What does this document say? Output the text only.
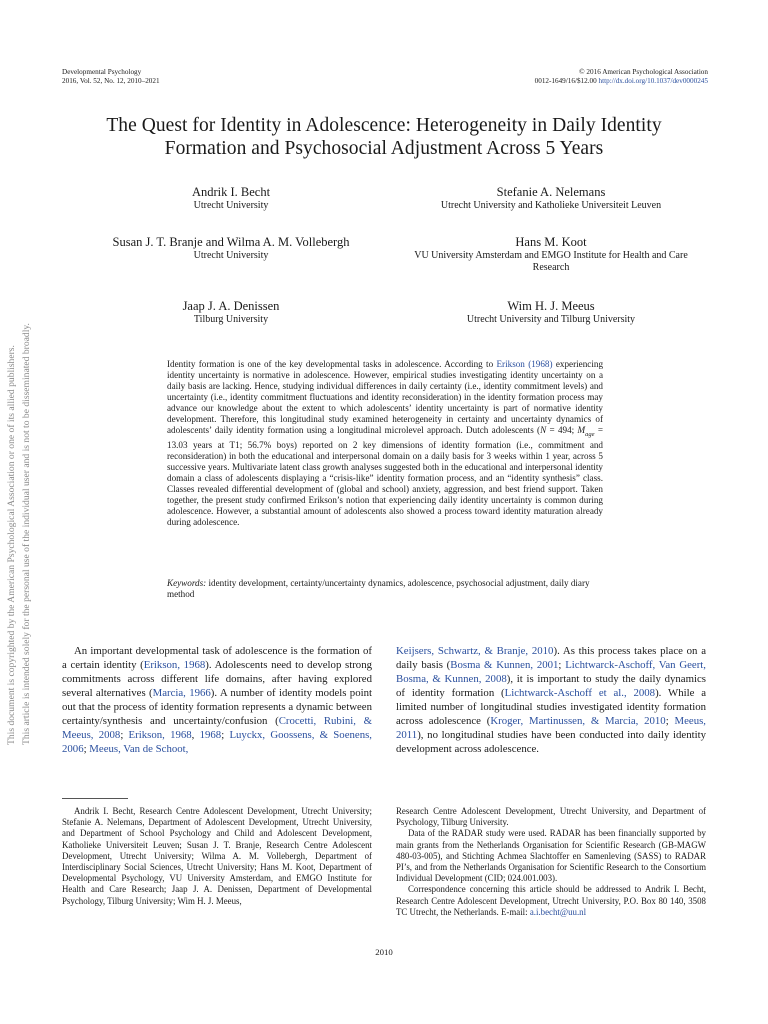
Developmental Psychology
2016, Vol. 52, No. 12, 2010–2021
© 2016 American Psychological Association
0012-1649/16/$12.00 http://dx.doi.org/10.1037/dev0000245
This document is copyrighted by the American Psychological Association or one of its allied publishers. This article is intended solely for the personal use of the individual user and is not to be disseminated broadly.
The Quest for Identity in Adolescence: Heterogeneity in Daily Identity Formation and Psychosocial Adjustment Across 5 Years
Andrik I. Becht
Utrecht University
Stefanie A. Nelemans
Utrecht University and Katholieke Universiteit Leuven
Susan J. T. Branje and Wilma A. M. Vollebergh
Utrecht University
Hans M. Koot
VU University Amsterdam and EMGO Institute for Health and Care Research
Jaap J. A. Denissen
Tilburg University
Wim H. J. Meeus
Utrecht University and Tilburg University
Identity formation is one of the key developmental tasks in adolescence. According to Erikson (1968) experiencing identity uncertainty is normative in adolescence. However, empirical studies investigating identity uncertainty on a daily basis are lacking. Hence, studying individual differences in daily certainty (i.e., identity commitment levels) and uncertainty (i.e., identity commitment fluctuations and identity reconsideration) in the identity formation process may advance our knowledge about the extent to which adolescents’ identity uncertainty is part of normative identity development. Therefore, this longitudinal study examined heterogeneity in certainty and uncertainty dynamics of adolescents’ daily identity formation using a longitudinal microlevel approach. Dutch adolescents (N = 494; $M_{age} = 13.03$ years at T1; 56.7% boys) reported on 2 key dimensions of identity formation (i.e., commitment and reconsideration) in both the educational and interpersonal domain on a daily basis for 3 weeks within 1 year, across 5 successive years. Multivariate latent class growth analyses suggested both in the educational and interpersonal identity domain a class of adolescents displaying a “crisis-like” identity formation process, and an “identity synthesis” class. Classes revealed differential development of (global and school) anxiety, aggression, and best friend support. Taken together, the present study confirmed Erikson’s notion that experiencing daily identity uncertainty is common during adolescence. However, a substantial amount of adolescents also showed a process toward identity maturation already during adolescence.
Keywords: identity development, certainty/uncertainty dynamics, adolescence, psychosocial adjustment, daily diary method
An important developmental task of adolescence is the formation of a certain identity (Erikson, 1968). Adolescents need to develop strong commitments across different life domains, after having explored several alternatives (Marcia, 1966). A number of identity models point out that the process of identity formation represents a dynamic between certainty/synthesis and uncertainty/confusion (Crocetti, Rubini, & Meeus, 2008; Erikson, 1968, 1968; Luyckx, Goossens, & Soenens, 2006; Meeus, Van de Schoot,
Keijsers, Schwartz, & Branje, 2010). As this process takes place on a daily basis (Bosma & Kunnen, 2001; Lichtwarck-Aschoff, Van Geert, Bosma, & Kunnen, 2008), it is important to study the daily dynamics of identity formation (Lichtwarck-Aschoff et al., 2008). While a limited number of longitudinal studies investigated identity formation across adolescence (Kroger, Martinussen, & Marcia, 2010; Meeus, 2011), no longitudinal studies have been conducted into daily identity development across adolescence.

Andrik I. Becht, Research Centre Adolescent Development, Utrecht University; Stefanie A. Nelemans, Department of Adolescent Development, Utrecht University, and Department of School Psychology and Child and Adolescent Development, Katholieke Universiteit Leuven; Susan J. T. Branje, Research Centre Adolescent Development, Utrecht University; Wilma A. M. Vollebergh, Department of Interdisciplinary Social Sciences, Utrecht University; Hans M. Koot, Department of Developmental Psychology, VU University Amsterdam, and EMGO Institute for Health and Care Research; Jaap J. A. Denissen, Department of Developmental Psychology, Tilburg University; Wim H. J. Meeus,

Research Centre Adolescent Development, Utrecht University, and Department of Psychology, Tilburg University.

Data of the RADAR study were used. RADAR has been financially supported by main grants from the Netherlands Organisation for Scientific Research (GB-MAGW 480-03-005), and Stichting Achmea Slachtoffer en Samenleving (SASS) to RADAR PI’s, and from the Netherlands Organisation for Scientific Research to the Consortium Individual Development (CID; 024.001.003).

Correspondence concerning this article should be addressed to Andrik I. Becht, Research Centre Adolescent Development, Utrecht University, P.O. Box 80 140, 3508 TC Utrecht, the Netherlands. E-mail: a.i.becht@uu.nl

2010
